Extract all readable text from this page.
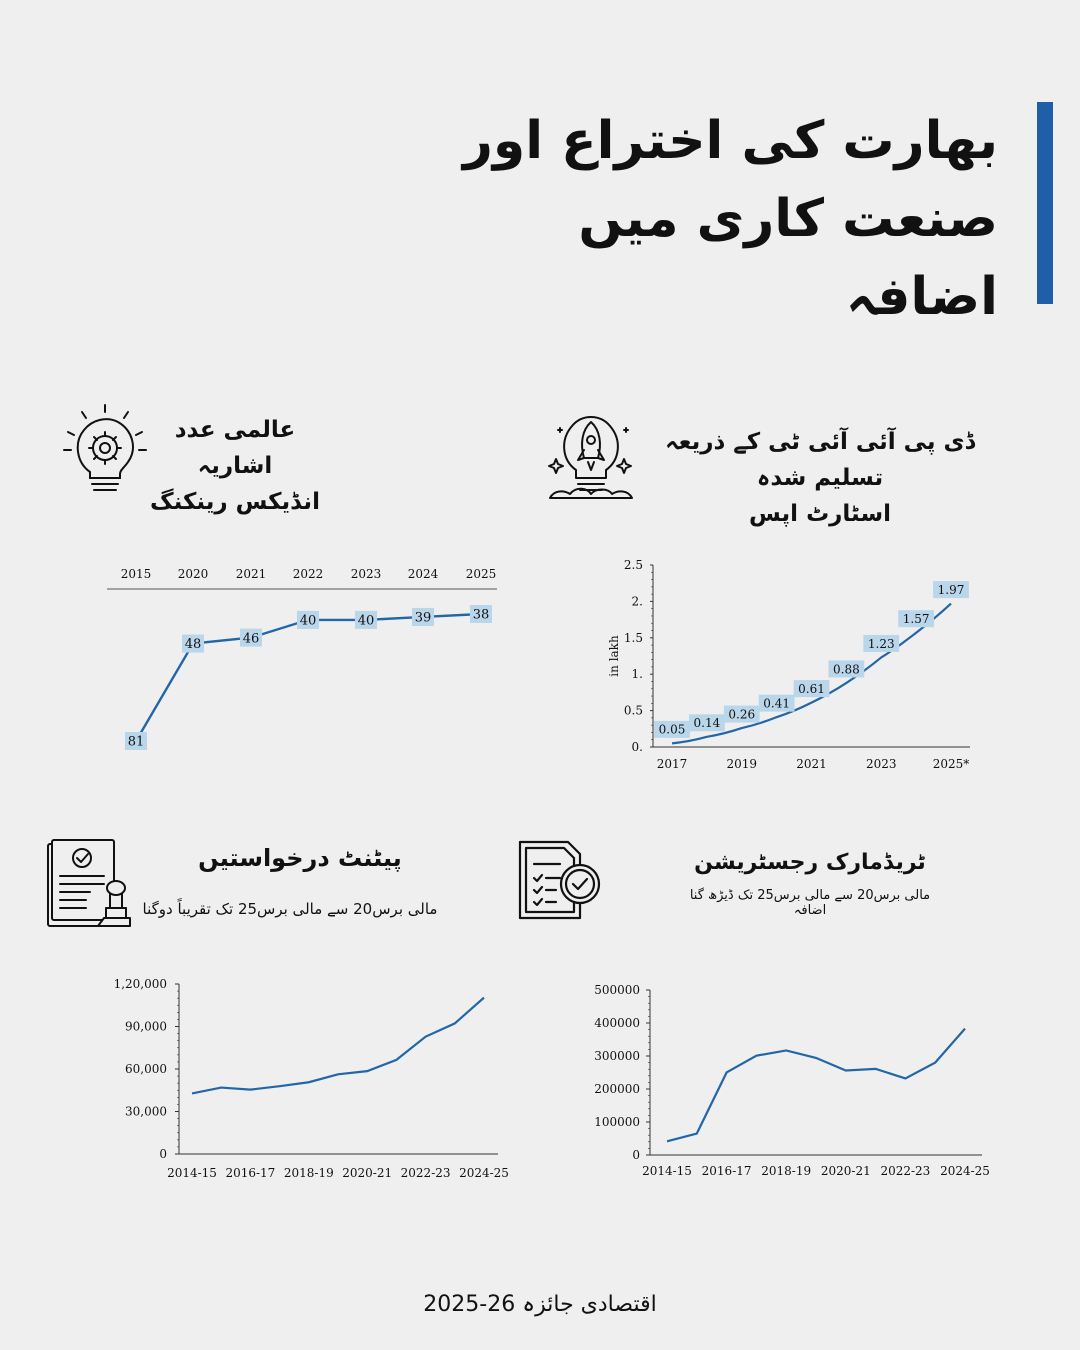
بھارت کی اختراع اور
صنعت کاری میں
اضافہ
عالمی عدد اشاریہ
انڈیکس رینکنگ
ڈی پی آئی آئی ٹی کے ذریعہ تسلیم شدہ
اسٹارٹ اپس
پیٹنٹ درخواستیں
مالی برس20 سے مالی برس25 تک تقریباً دوگنا
ٹریڈمارک رجسٹریشن
مالی برس20 سے مالی برس25 تک ڈیڑھ گنا اضافہ
2015 2020 2021 2022 2023 2024 2025
81
48	46
40	40	39	38
0.
0.5
1.
1.5
2.
2.5
in lakh
2017	2019	2021	2023	2025*
0.05 0.14
0.26
0.41
0.61
0.88
1.23
1.57
1.97
0
30,000
60,000
90,000
1,20,000
2014-15 2016-17 2018-19 2020-21 2022-23 2024-25
0
100000
200000
300000
400000
500000
2014-15 2016-17 2018-19 2020-21 2022-23 2024-25
اقتصادی جائزہ 26-2025
